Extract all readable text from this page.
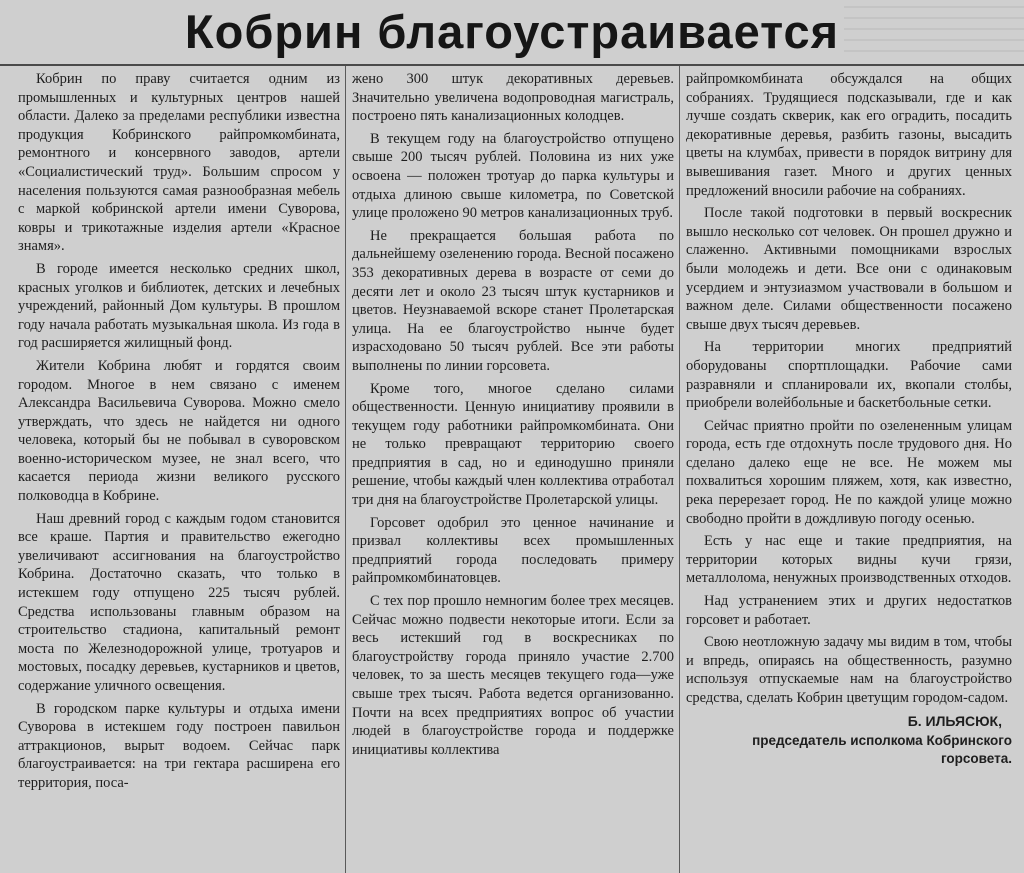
Кобрин благоустраивается

Кобрин по праву считается одним из промышленных и культурных центров нашей области. Далеко за пределами республики известна продукция Кобринского райпромкомбината, ремонтного и консервного заводов, артели «Социалистический труд». Большим спросом у населения пользуются самая разнообразная мебель с маркой кобринской артели имени Суворова, ковры и трикотажные изделия артели «Красное знамя».

В городе имеется несколько средних школ, красных уголков и библиотек, детских и лечебных учреждений, районный Дом культуры. В прошлом году начала работать музыкальная школа. Из года в год расширяется жилищный фонд.

Жители Кобрина любят и гордятся своим городом. Многое в нем связано с именем Александра Васильевича Суворова. Можно смело утверждать, что здесь не найдется ни одного человека, который бы не побывал в суворовском военно-историческом музее, не знал всего, что касается периода жизни великого русского полководца в Кобрине.

Наш древний город с каждым годом становится все краше. Партия и правительство ежегодно увеличивают ассигнования на благоустройство Кобрина. Достаточно сказать, что только в истекшем году отпущено 225 тысяч рублей. Средства использованы главным образом на строительство стадиона, капитальный ремонт моста по Железнодорожной улице, тротуаров и мостовых, посадку деревьев, кустарников и цветов, содержание уличного освещения.

В городском парке культуры и отдыха имени Суворова в истекшем году построен павильон аттракционов, вырыт водоем. Сейчас парк благоустраивается: на три гектара расширена его территория, поса-

жено 300 штук декоративных деревьев. Значительно увеличена водопроводная магистраль, построено пять канализационных колодцев.

В текущем году на благоустройство отпущено свыше 200 тысяч рублей. Половина из них уже освоена — положен тротуар до парка культуры и отдыха длиною свыше километра, по Советской улице проложено 90 метров канализационных труб.

Не прекращается большая работа по дальнейшему озеленению города. Весной посажено 353 декоративных дерева в возрасте от семи до десяти лет и около 23 тысяч штук кустарников и цветов. Неузнаваемой вскоре станет Пролетарская улица. На ее благоустройство нынче будет израсходовано 50 тысяч рублей. Все эти работы выполнены по линии горсовета.

Кроме того, многое сделано силами общественности. Ценную инициативу проявили в текущем году работники райпромкомбината. Они не только превращают территорию своего предприятия в сад, но и единодушно приняли решение, чтобы каждый член коллектива отработал три дня на благоустройстве Пролетарской улицы.

Горсовет одобрил это ценное начинание и призвал коллективы всех промышленных предприятий города последовать примеру райпромкомбинатовцев.

С тех пор прошло немногим более трех месяцев. Сейчас можно подвести некоторые итоги. Если за весь истекший год в воскресниках по благоустройству города приняло участие 2.700 человек, то за шесть месяцев текущего года—уже свыше трех тысяч. Работа ведется организованно. Почти на всех предприятиях вопрос об участии людей в благоустройстве города и поддержке инициативы коллектива

райпромкомбината обсуждался на общих собраниях. Трудящиеся подсказывали, где и как лучше создать скверик, как его оградить, посадить декоративные деревья, разбить газоны, высадить цветы на клумбах, привести в порядок витрину для вывешивания газет. Много и других ценных предложений вносили рабочие на собраниях.

После такой подготовки в первый воскресник вышло несколько сот человек. Он прошел дружно и слаженно. Активными помощниками взрослых были молодежь и дети. Все они с одинаковым усердием и энтузиазмом участвовали в большом и важном деле. Силами общественности посажено свыше двух тысяч деревьев.

На территории многих предприятий оборудованы спортплощадки. Рабочие сами разравняли и спланировали их, вкопали столбы, приобрели волейбольные и баскетбольные сетки.

Сейчас приятно пройти по озелененным улицам города, есть где отдохнуть после трудового дня. Но сделано далеко еще не все. Не можем мы похвалиться хорошим пляжем, хотя, как известно, река перерезает город. Не по каждой улице можно свободно пройти в дождливую погоду осенью.

Есть у нас еще и такие предприятия, на территории которых видны кучи грязи, металлолома, ненужных производственных отходов.

Над устранением этих и других недостатков горсовет и работает.

Свою неотложную задачу мы видим в том, чтобы и впредь, опираясь на общественность, разумно используя отпускаемые нам на благоустройство средства, сделать Кобрин цветущим городом-садом.

Б. ИЛЬЯСЮК,
председатель исполкома Кобринского горсовета.
